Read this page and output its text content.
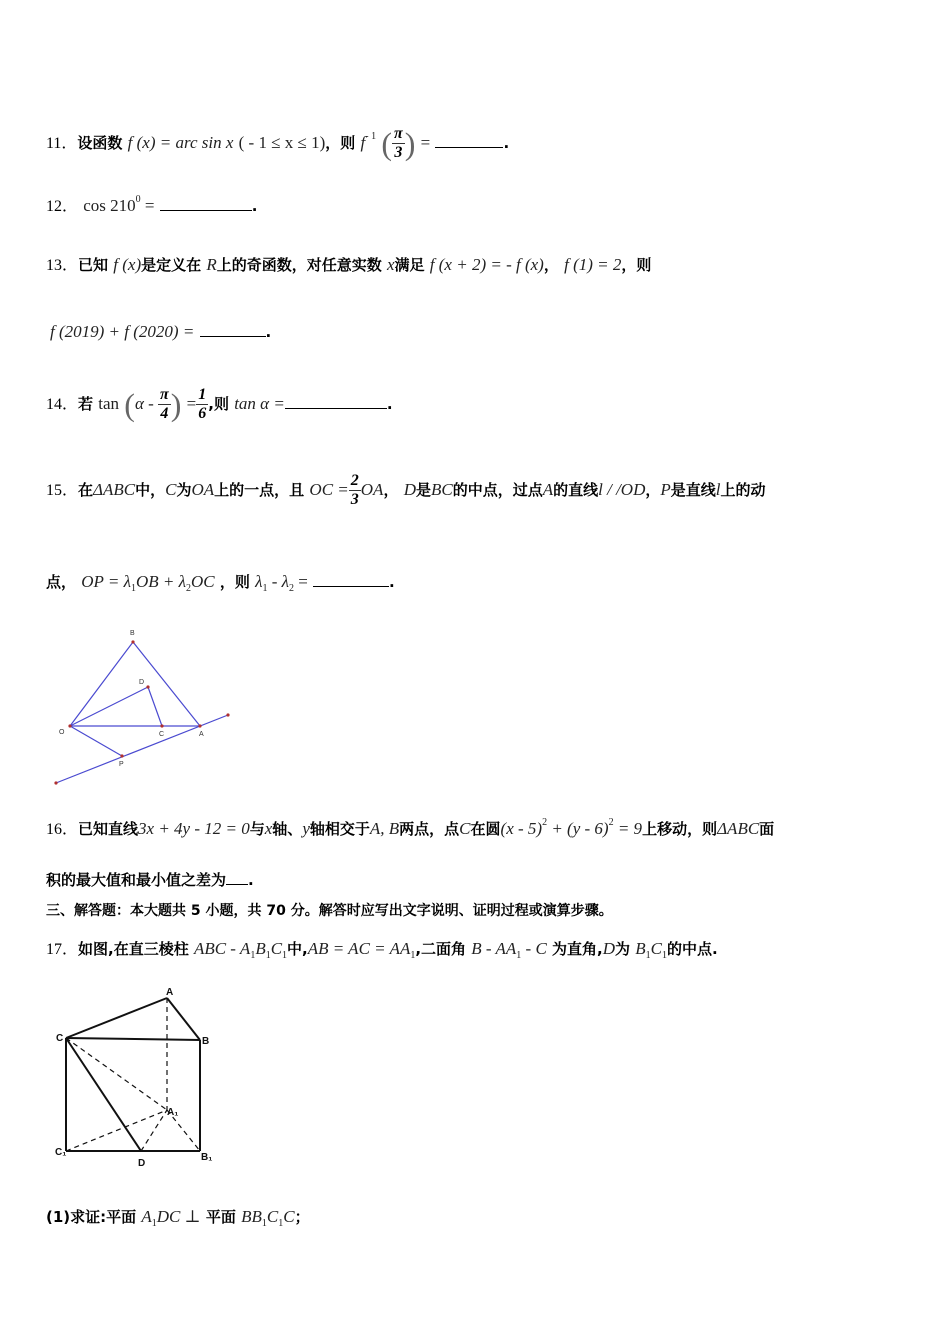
11．设函数 f (x) = arc sin x ( - 1 ≤ x ≤ 1)，则 $f^{- 1}$ ( $\frac{\pi}{3}$ ) =	.
12． $\cos 210^0$ =	.
13．已知 f (x)是定义在 R上的奇函数，对任意实数 x满足 f (x + 2) = - f (x)， f (1) = 2，则
f (2019) + f (2020) =	.
14．若 $\tan (\alpha - \frac{\pi}{4}$ ) = $\frac{1}{6}$ ,则 tan α =	.
15．在ΔABC中，C为OA上的一点，且 OC = $\frac{2}{3}$ OA， D是BC的中点，过点A的直线l / /OD，P是直线l上的动
点， OP = $\lambda_1OB + \lambda_2OC$ ，则 $\lambda_1 - \lambda_2$ =	.
B
D
O	C	A
P
16．已知直线3x + 4y - 12 = 0与x轴、y轴相交于A, B两点，点C在圆(x - 5)$^2$ + (y - 6)$^2$ = 9上移动，则ΔABC面
积的最大值和最小值之差为 .
三、解答题：本大题共 5 小题，共 70 分。解答时应写出文字说明、证明过程或演算步骤。
17．如图,在直三棱柱 ABC - $A_1B_1C_1$中,AB = AC = $AA_1$,二面角 B - $AA_1$ - C 为直角,D为 $B_1C_1$的中点.
A
C	B
A₁
C₁
D
B₁
(1)求证:平面 $A_1DC$ ⊥ 平面 $BB_1C_1C$；
